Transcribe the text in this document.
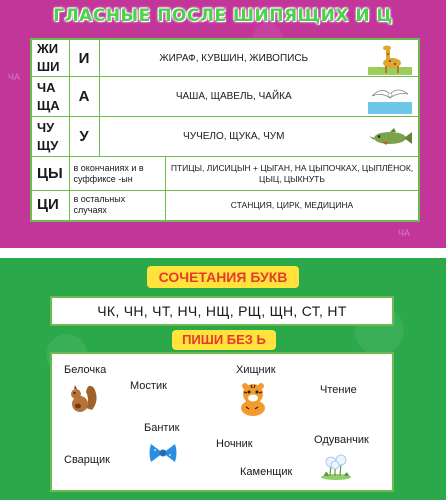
ЧА
ЧА
ГЛАСНЫЕ ПОСЛЕ ШИПЯЩИХ И Ц
ЖИ
ШИ	И	ЖИРАФ, КУВШИН, ЖИВОПИСЬ	

ЧА
ЩА	А	ЧАША, ЩАВЕЛЬ, ЧАЙКА	

ЧУ
ЩУ	У	ЧУЧЕЛО, ЩУКА, ЧУМ	

ЦЫ	в окончаниях и в суффиксе -ын		ПТИЦЫ, ЛИСИЦЫН + ЦЫГАН, НА ЦЫПОЧКАХ, ЦЫПЛЁНОК, ЦЫЦ, ЦЫКНУТЬ
ЦИ	в остальных случаях		СТАНЦИЯ, ЦИРК, МЕДИЦИНА
СОЧЕТАНИЯ БУКВ
ЧК, ЧН, ЧТ, НЧ, НЩ, РЩ, ЩН, СТ, НТ
ПИШИ БЕЗ Ь
Белочка
Мостик
Хищник
Чтение
Бантик
Ночник	Одуванчик
Сварщик
Каменщик
